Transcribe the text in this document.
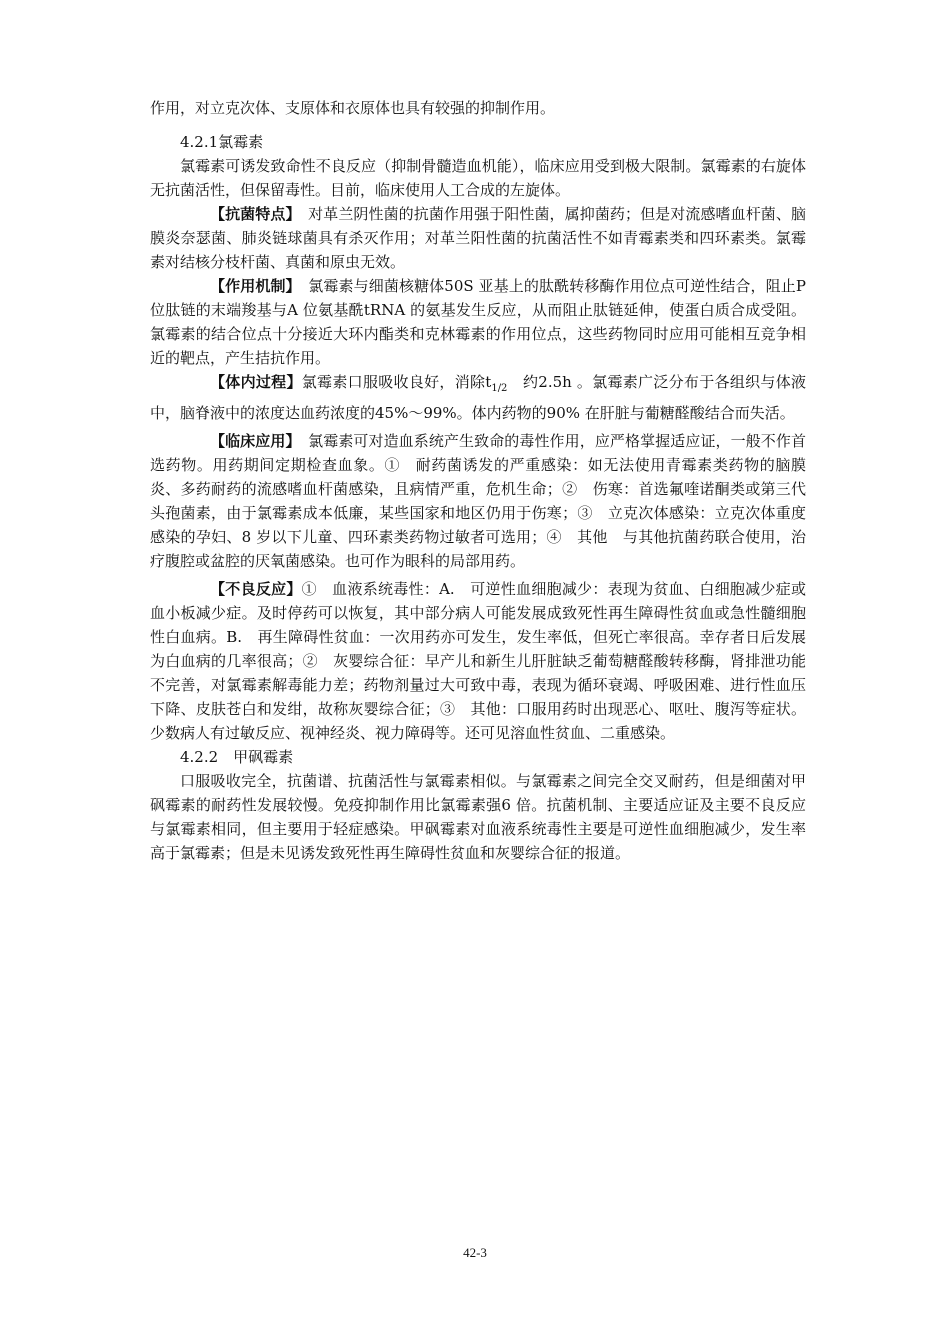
作用，对立克次体、支原体和衣原体也具有较强的抑制作用。

4.2.1氯霉素

氯霉素可诱发致命性不良反应（抑制骨髓造血机能），临床应用受到极大限制。氯霉素的右旋体无抗菌活性，但保留毒性。目前，临床使用人工合成的左旋体。

【抗菌特点】　对革兰阴性菌的抗菌作用强于阳性菌，属抑菌药；但是对流感嗜血杆菌、脑膜炎奈瑟菌、肺炎链球菌具有杀灭作用；对革兰阳性菌的抗菌活性不如青霉素类和四环素类。氯霉素对结核分枝杆菌、真菌和原虫无效。

【作用机制】　氯霉素与细菌核糖体50S 亚基上的肽酰转移酶作用位点可逆性结合，阻止P 位肽链的末端羧基与A 位氨基酰tRNA 的氨基发生反应，从而阻止肽链延伸，使蛋白质合成受阻。氯霉素的结合位点十分接近大环内酯类和克林霉素的作用位点，这些药物同时应用可能相互竞争相近的靶点，产生拮抗作用。

【体内过程】氯霉素口服吸收良好，消除$t_{1/2}$　约2.5h 。氯霉素广泛分布于各组织与体液中，脑脊液中的浓度达血药浓度的45%～99%。体内药物的90% 在肝脏与葡糖醛酸结合而失活。

【临床应用】　氯霉素可对造血系统产生致命的毒性作用，应严格掌握适应证，一般不作首选药物。用药期间定期检查血象。①　耐药菌诱发的严重感染：如无法使用青霉素类药物的脑膜炎、多药耐药的流感嗜血杆菌感染，且病情严重，危机生命；②　伤寒：首选氟喹诺酮类或第三代头孢菌素，由于氯霉素成本低廉，某些国家和地区仍用于伤寒；③　立克次体感染：立克次体重度感染的孕妇、8 岁以下儿童、四环素类药物过敏者可选用；④　其他　与其他抗菌药联合使用，治疗腹腔或盆腔的厌氧菌感染。也可作为眼科的局部用药。

【不良反应】①　血液系统毒性：A.　可逆性血细胞减少：表现为贫血、白细胞减少症或血小板减少症。及时停药可以恢复，其中部分病人可能发展成致死性再生障碍性贫血或急性髓细胞性白血病。B.　再生障碍性贫血：一次用药亦可发生，发生率低，但死亡率很高。幸存者日后发展为白血病的几率很高；②　灰婴综合征：早产儿和新生儿肝脏缺乏葡萄糖醛酸转移酶，肾排泄功能不完善，对氯霉素解毒能力差；药物剂量过大可致中毒，表现为循环衰竭、呼吸困难、进行性血压下降、皮肤苍白和发绀，故称灰婴综合征；③　其他：口服用药时出现恶心、呕吐、腹泻等症状。少数病人有过敏反应、视神经炎、视力障碍等。还可见溶血性贫血、二重感染。

4.2.2　甲砜霉素

口服吸收完全，抗菌谱、抗菌活性与氯霉素相似。与氯霉素之间完全交叉耐药，但是细菌对甲砜霉素的耐药性发展较慢。免疫抑制作用比氯霉素强6 倍。抗菌机制、主要适应证及主要不良反应与氯霉素相同，但主要用于轻症感染。甲砜霉素对血液系统毒性主要是可逆性血细胞减少，发生率高于氯霉素；但是未见诱发致死性再生障碍性贫血和灰婴综合征的报道。

42-3
